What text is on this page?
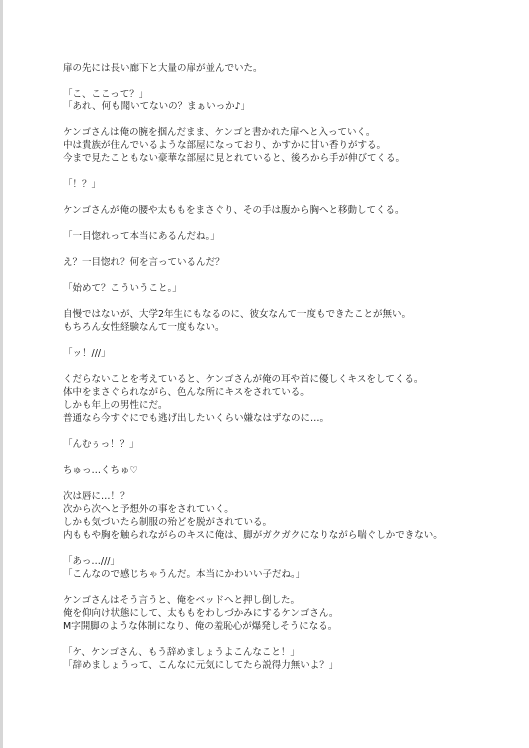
扉の先には長い廊下と大量の扉が並んでいた。
「こ、ここって？」
「あれ、何も聞いてないの？まぁいっか♪」
ケンゴさんは俺の腕を掴んだまま、ケンゴと書かれた扉へと入っていく。
中は貴族が住んでいるような部屋になっており、かすかに甘い香りがする。
今まで見たこともない豪華な部屋に見とれていると、後ろから手が伸びてくる。
「！？」
ケンゴさんが俺の腰や太ももをまさぐり、その手は腹から胸へと移動してくる。
「一目惚れって本当にあるんだね。」
え？一目惚れ？何を言っているんだ？
「始めて？こういうこと。」
自慢ではないが、大学2年生にもなるのに、彼女なんて一度もできたことが無い。
もちろん女性経験なんて一度もない。
「ッ！///」
くだらないことを考えていると、ケンゴさんが俺の耳や首に優しくキスをしてくる。
体中をまさぐられながら、色んな所にキスをされている。
しかも年上の男性にだ。
普通なら今すぐにでも逃げ出したいくらい嫌なはずなのに…。
「んむぅっ！？」
ちゅっ…くちゅ♡
次は唇に…！？
次から次へと予想外の事をされていく。
しかも気づいたら制服の殆どを脱がされている。
内ももや胸を触られながらのキスに俺は、脚がガクガクになりながら喘ぐしかできない。
「あっ…///」
「こんなので感じちゃうんだ。本当にかわいい子だね。」
ケンゴさんはそう言うと、俺をベッドへと押し倒した。
俺を仰向け状態にして、太ももをわしづかみにするケンゴさん。
M字開脚のような体制になり、俺の羞恥心が爆発しそうになる。
「ケ、ケンゴさん、もう辞めましょうよこんなこと！」
「辞めましょうって、こんなに元気にしてたら説得力無いよ？」
